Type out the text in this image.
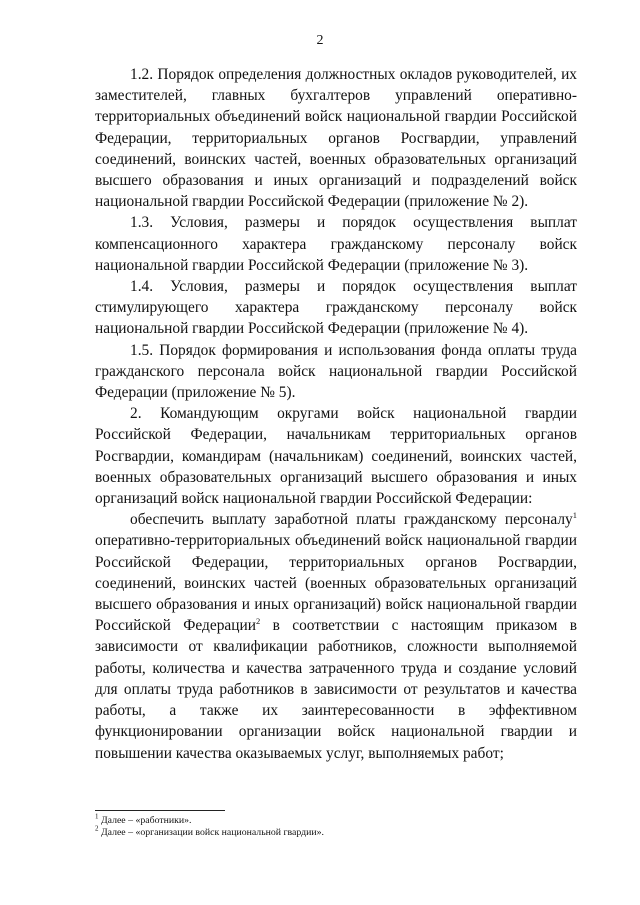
2

1.2. Порядок определения должностных окладов руководителей, их заместителей, главных бухгалтеров управлений оперативно-территориальных объединений войск национальной гвардии Российской Федерации, территориальных органов Росгвардии, управлений соединений, воинских частей, военных образовательных организаций высшего образования и иных организаций и подразделений войск национальной гвардии Российской Федерации (приложение № 2).

1.3. Условия, размеры и порядок осуществления выплат компенсационного характера гражданскому персоналу войск национальной гвардии Российской Федерации (приложение № 3).

1.4. Условия, размеры и порядок осуществления выплат стимулирующего характера гражданскому персоналу войск национальной гвардии Российской Федерации (приложение № 4).

1.5. Порядок формирования и использования фонда оплаты труда гражданского персонала войск национальной гвардии Российской Федерации (приложение № 5).

2. Командующим округами войск национальной гвардии Российской Федерации, начальникам территориальных органов Росгвардии, командирам (начальникам) соединений, воинских частей, военных образовательных организаций высшего образования и иных организаций войск национальной гвардии Российской Федерации:

обеспечить выплату заработной платы гражданскому персоналу$^1$ оперативно-территориальных объединений войск национальной гвардии Российской Федерации, территориальных органов Росгвардии, соединений, воинских частей (военных образовательных организаций высшего образования и иных организаций) войск национальной гвардии Российской Федерации$^2$ в соответствии с настоящим приказом в зависимости от квалификации работников, сложности выполняемой работы, количества и качества затраченного труда и создание условий для оплаты труда работников в зависимости от результатов и качества работы, а также их заинтересованности в эффективном функционировании организации войск национальной гвардии и повышении качества оказываемых услуг, выполняемых работ;

$^1$ Далее – «работники».
$^2$ Далее – «организации войск национальной гвардии».
